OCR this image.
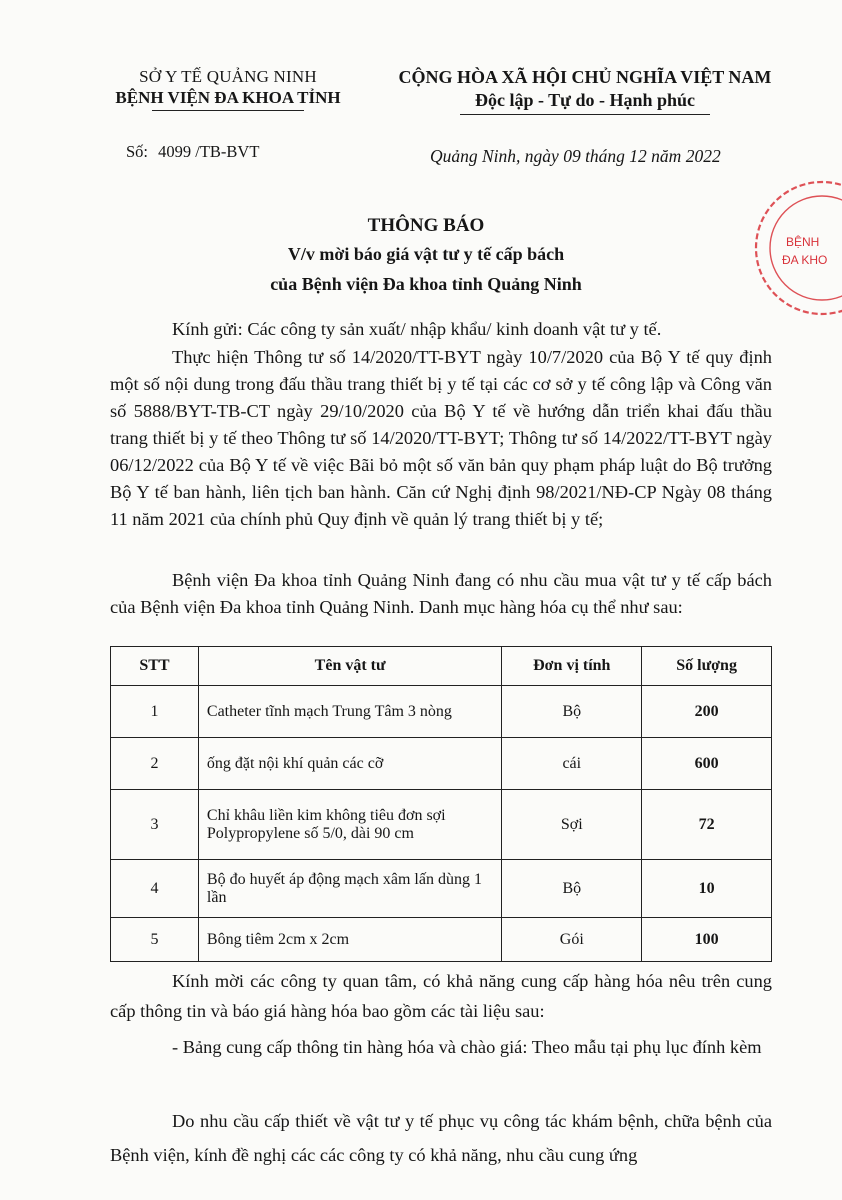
SỞ Y TẾ QUẢNG NINH
BỆNH VIỆN ĐA KHOA TỈNH
CỘNG HÒA XÃ HỘI CHỦ NGHĨA VIỆT NAM
Độc lập - Tự do - Hạnh phúc
Số: 4099 /TB-BVT	Quảng Ninh, ngày 09 tháng 12 năm 2022
THÔNG BÁO
V/v mời báo giá vật tư y tế cấp bách
của Bệnh viện Đa khoa tỉnh Quảng Ninh
Kính gửi: Các công ty sản xuất/ nhập khẩu/ kinh doanh vật tư y tế.
Thực hiện Thông tư số 14/2020/TT-BYT ngày 10/7/2020 của Bộ Y tế quy định một số nội dung trong đấu thầu trang thiết bị y tế tại các cơ sở y tế công lập và Công văn số 5888/BYT-TB-CT ngày 29/10/2020 của Bộ Y tế về hướng dẫn triển khai đấu thầu trang thiết bị y tế theo Thông tư số 14/2020/TT-BYT; Thông tư số 14/2022/TT-BYT ngày 06/12/2022 của Bộ Y tế về việc Bãi bỏ một số văn bản quy phạm pháp luật do Bộ trưởng Bộ Y tế ban hành, liên tịch ban hành. Căn cứ Nghị định 98/2021/NĐ-CP Ngày 08 tháng 11 năm 2021 của chính phủ Quy định về quản lý trang thiết bị y tế;
Bệnh viện Đa khoa tỉnh Quảng Ninh đang có nhu cầu mua vật tư y tế cấp bách của Bệnh viện Đa khoa tỉnh Quảng Ninh. Danh mục hàng hóa cụ thể như sau:
STT	Tên vật tư	Đơn vị tính	Số lượng
1	Catheter tĩnh mạch Trung Tâm 3 nòng	Bộ	200
2	ống đặt nội khí quản các cỡ	cái	600
3	Chỉ khâu liền kim không tiêu đơn sợi Polypropylene số 5/0, dài 90 cm	Sợi	72
4	Bộ đo huyết áp động mạch xâm lấn dùng 1 lần	Bộ	10
5	Bông tiêm 2cm x 2cm	Gói	100
Kính mời các công ty quan tâm, có khả năng cung cấp hàng hóa nêu trên cung cấp thông tin và báo giá hàng hóa bao gồm các tài liệu sau:
- Bảng cung cấp thông tin hàng hóa và chào giá: Theo mẫu tại phụ lục đính kèm
Do nhu cầu cấp thiết về vật tư y tế phục vụ công tác khám bệnh, chữa bệnh của Bệnh viện, kính đề nghị các các công ty có khả năng, nhu cầu cung ứng
BỆNH
ĐA KHO
